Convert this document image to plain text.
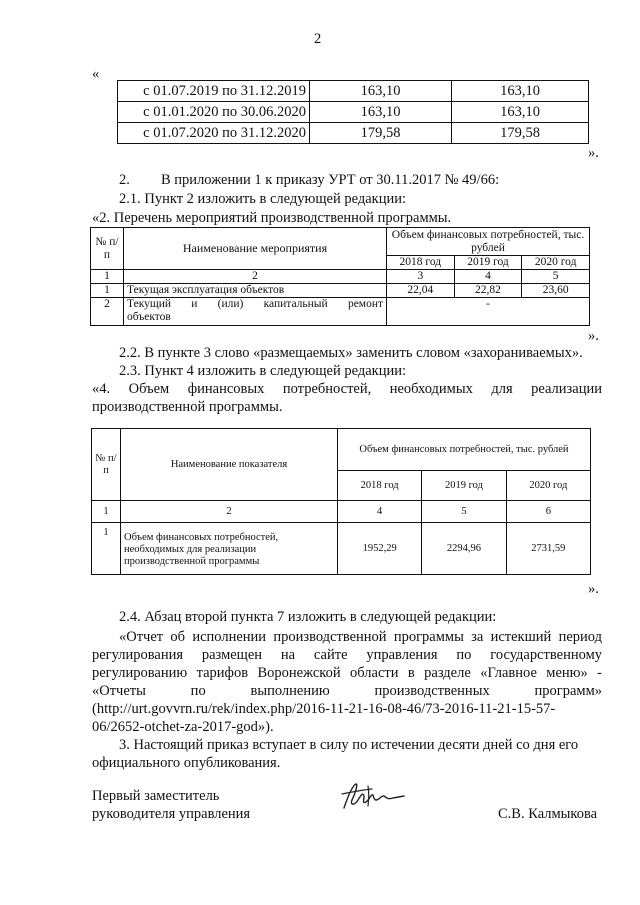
2
«
с 01.07.2019 по 31.12.2019	163,10	163,10
с 01.01.2020 по 30.06.2020	163,10	163,10
с 01.07.2020 по 31.12.2020	179,58	179,58
».
2. В приложении 1 к приказу УРТ от 30.11.2017 № 49/66:
2.1. Пункт 2 изложить в следующей редакции:
«2. Перечень мероприятий производственной программы.
№ п/п	Наименование мероприятия	Объем финансовых потребностей, тыс. рублей		
		2018 год	2019 год	2020 год
1	2	3	4	5
1	Текущая эксплуатация объектов	22,04	22,82	23,60
2	Текущий и (или) капитальный ремонт
объектов	-		
».
2.2. В пункте 3 слово «размещаемых» заменить словом «захораниваемых».
2.3. Пункт 4 изложить в следующей редакции:
«4. Объем финансовых потребностей, необходимых для реализации
производственной программы.
№ п/п	Наименование показателя	Объем финансовых потребностей, тыс. рублей		
		2018 год	2019 год	2020 год
1	2	4	5	6
1	Объем финансовых потребностей,
необходимых для реализации
производственной программы	1952,29	2294,96	2731,59
».
2.4. Абзац второй пункта 7 изложить в следующей редакции:
«Отчет об исполнении производственной программы за истекший период
регулирования размещен на сайте управления по государственному
регулированию тарифов Воронежской области в разделе «Главное меню» -
«Отчеты по выполнению производственных программ»
(http://urt.govvrn.ru/rek/index.php/2016-11-21-16-08-46/73-2016-11-21-15-57-
06/2652-otchet-za-2017-god»).
3. Настоящий приказ вступает в силу по истечении десяти дней со дня его
официального опубликования.
Первый заместитель
руководителя управления	С.В. Калмыкова
